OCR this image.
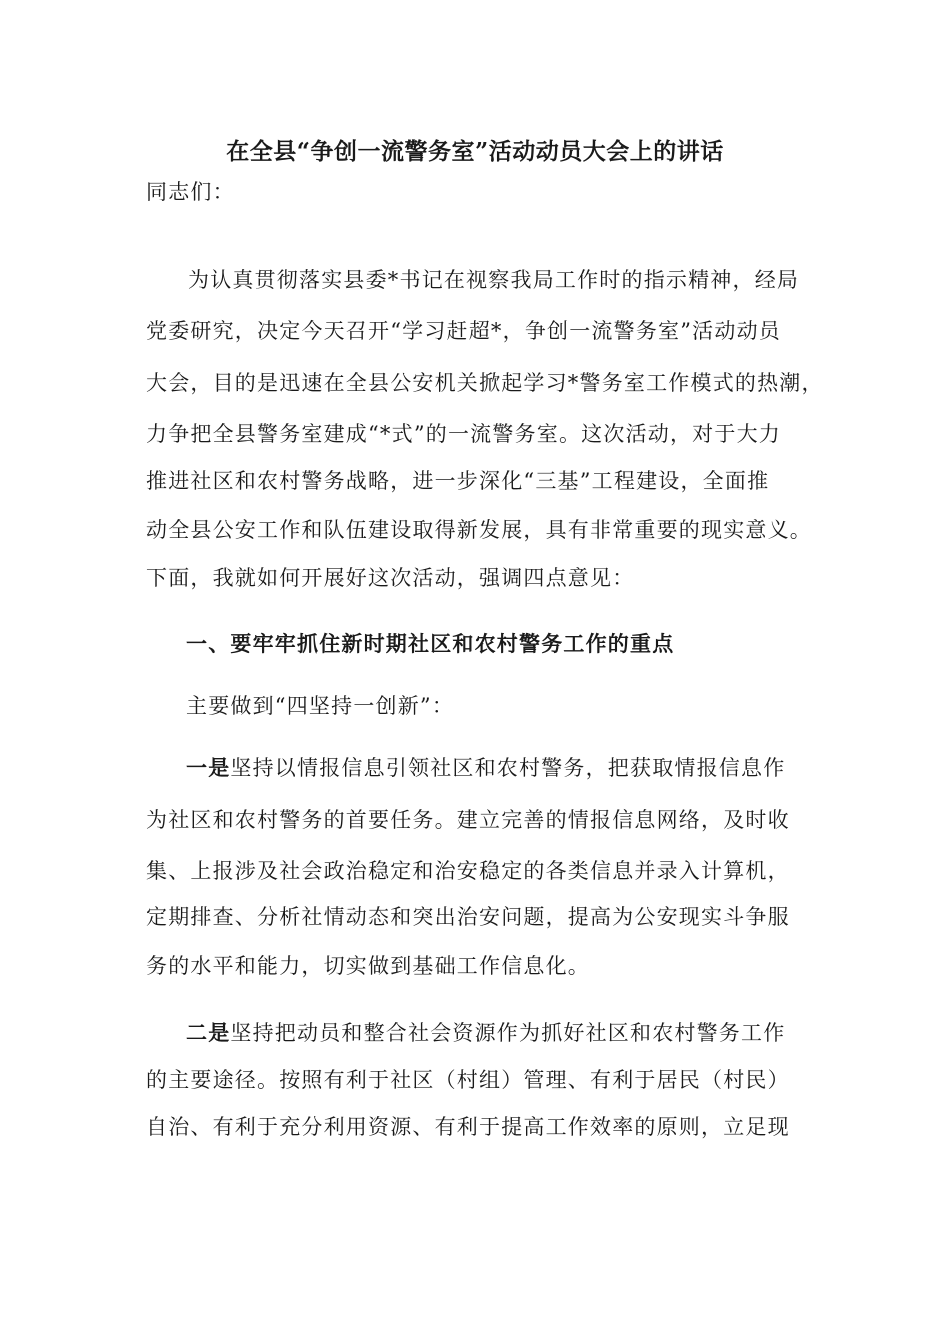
在全县“争创一流警务室”活动动员大会上的讲话
同志们：
为认真贯彻落实县委*书记在视察我局工作时的指示精神，经局
党委研究，决定今天召开“学习赶超*，争创一流警务室”活动动员
大会，目的是迅速在全县公安机关掀起学习*警务室工作模式的热潮，
力争把全县警务室建成“*式”的一流警务室。这次活动，对于大力
推进社区和农村警务战略，进一步深化“三基”工程建设，全面推
动全县公安工作和队伍建设取得新发展，具有非常重要的现实意义。
下面，我就如何开展好这次活动，强调四点意见：
一、要牢牢抓住新时期社区和农村警务工作的重点
主要做到“四坚持一创新”：
一是坚持以情报信息引领社区和农村警务，把获取情报信息作
为社区和农村警务的首要任务。建立完善的情报信息网络，及时收
集、上报涉及社会政治稳定和治安稳定的各类信息并录入计算机，
定期排查、分析社情动态和突出治安问题，提高为公安现实斗争服
务的水平和能力，切实做到基础工作信息化。
二是坚持把动员和整合社会资源作为抓好社区和农村警务工作
的主要途径。按照有利于社区（村组）管理、有利于居民（村民）
自治、有利于充分利用资源、有利于提高工作效率的原则，立足现
